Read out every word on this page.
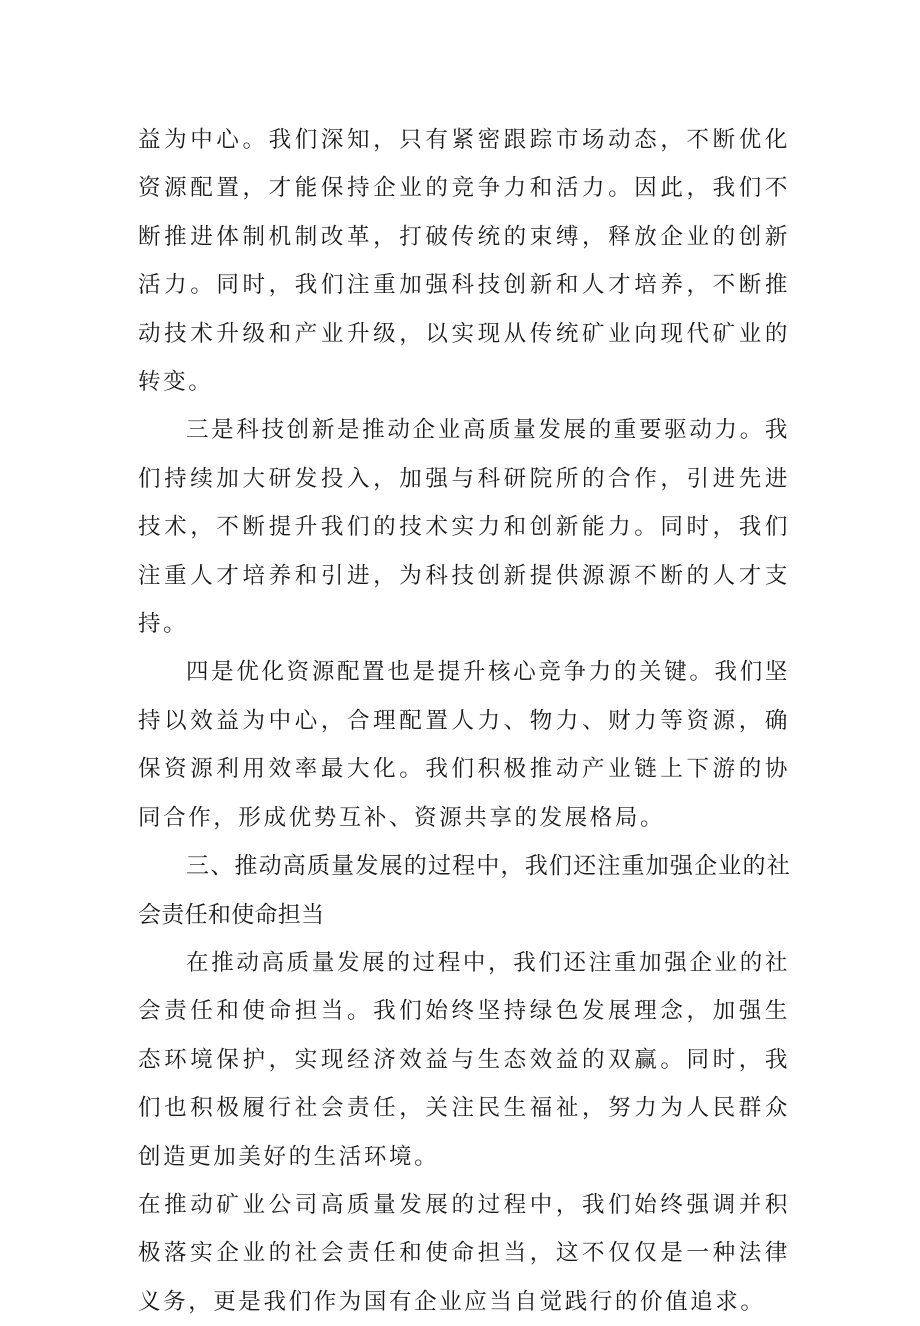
益为中心。我们深知，只有紧密跟踪市场动态，不断优化资源配置，才能保持企业的竞争力和活力。因此，我们不断推进体制机制改革，打破传统的束缚，释放企业的创新活力。同时，我们注重加强科技创新和人才培养，不断推动技术升级和产业升级，以实现从传统矿业向现代矿业的转变。

三是科技创新是推动企业高质量发展的重要驱动力。我们持续加大研发投入，加强与科研院所的合作，引进先进技术，不断提升我们的技术实力和创新能力。同时，我们注重人才培养和引进，为科技创新提供源源不断的人才支持。

四是优化资源配置也是提升核心竞争力的关键。我们坚持以效益为中心，合理配置人力、物力、财力等资源，确保资源利用效率最大化。我们积极推动产业链上下游的协同合作，形成优势互补、资源共享的发展格局。

三、推动高质量发展的过程中，我们还注重加强企业的社会责任和使命担当

在推动高质量发展的过程中，我们还注重加强企业的社会责任和使命担当。我们始终坚持绿色发展理念，加强生态环境保护，实现经济效益与生态效益的双赢。同时，我们也积极履行社会责任，关注民生福祉，努力为人民群众创造更加美好的生活环境。

在推动矿业公司高质量发展的过程中，我们始终强调并积极落实企业的社会责任和使命担当，这不仅仅是一种法律义务，更是我们作为国有企业应当自觉践行的价值追求。
